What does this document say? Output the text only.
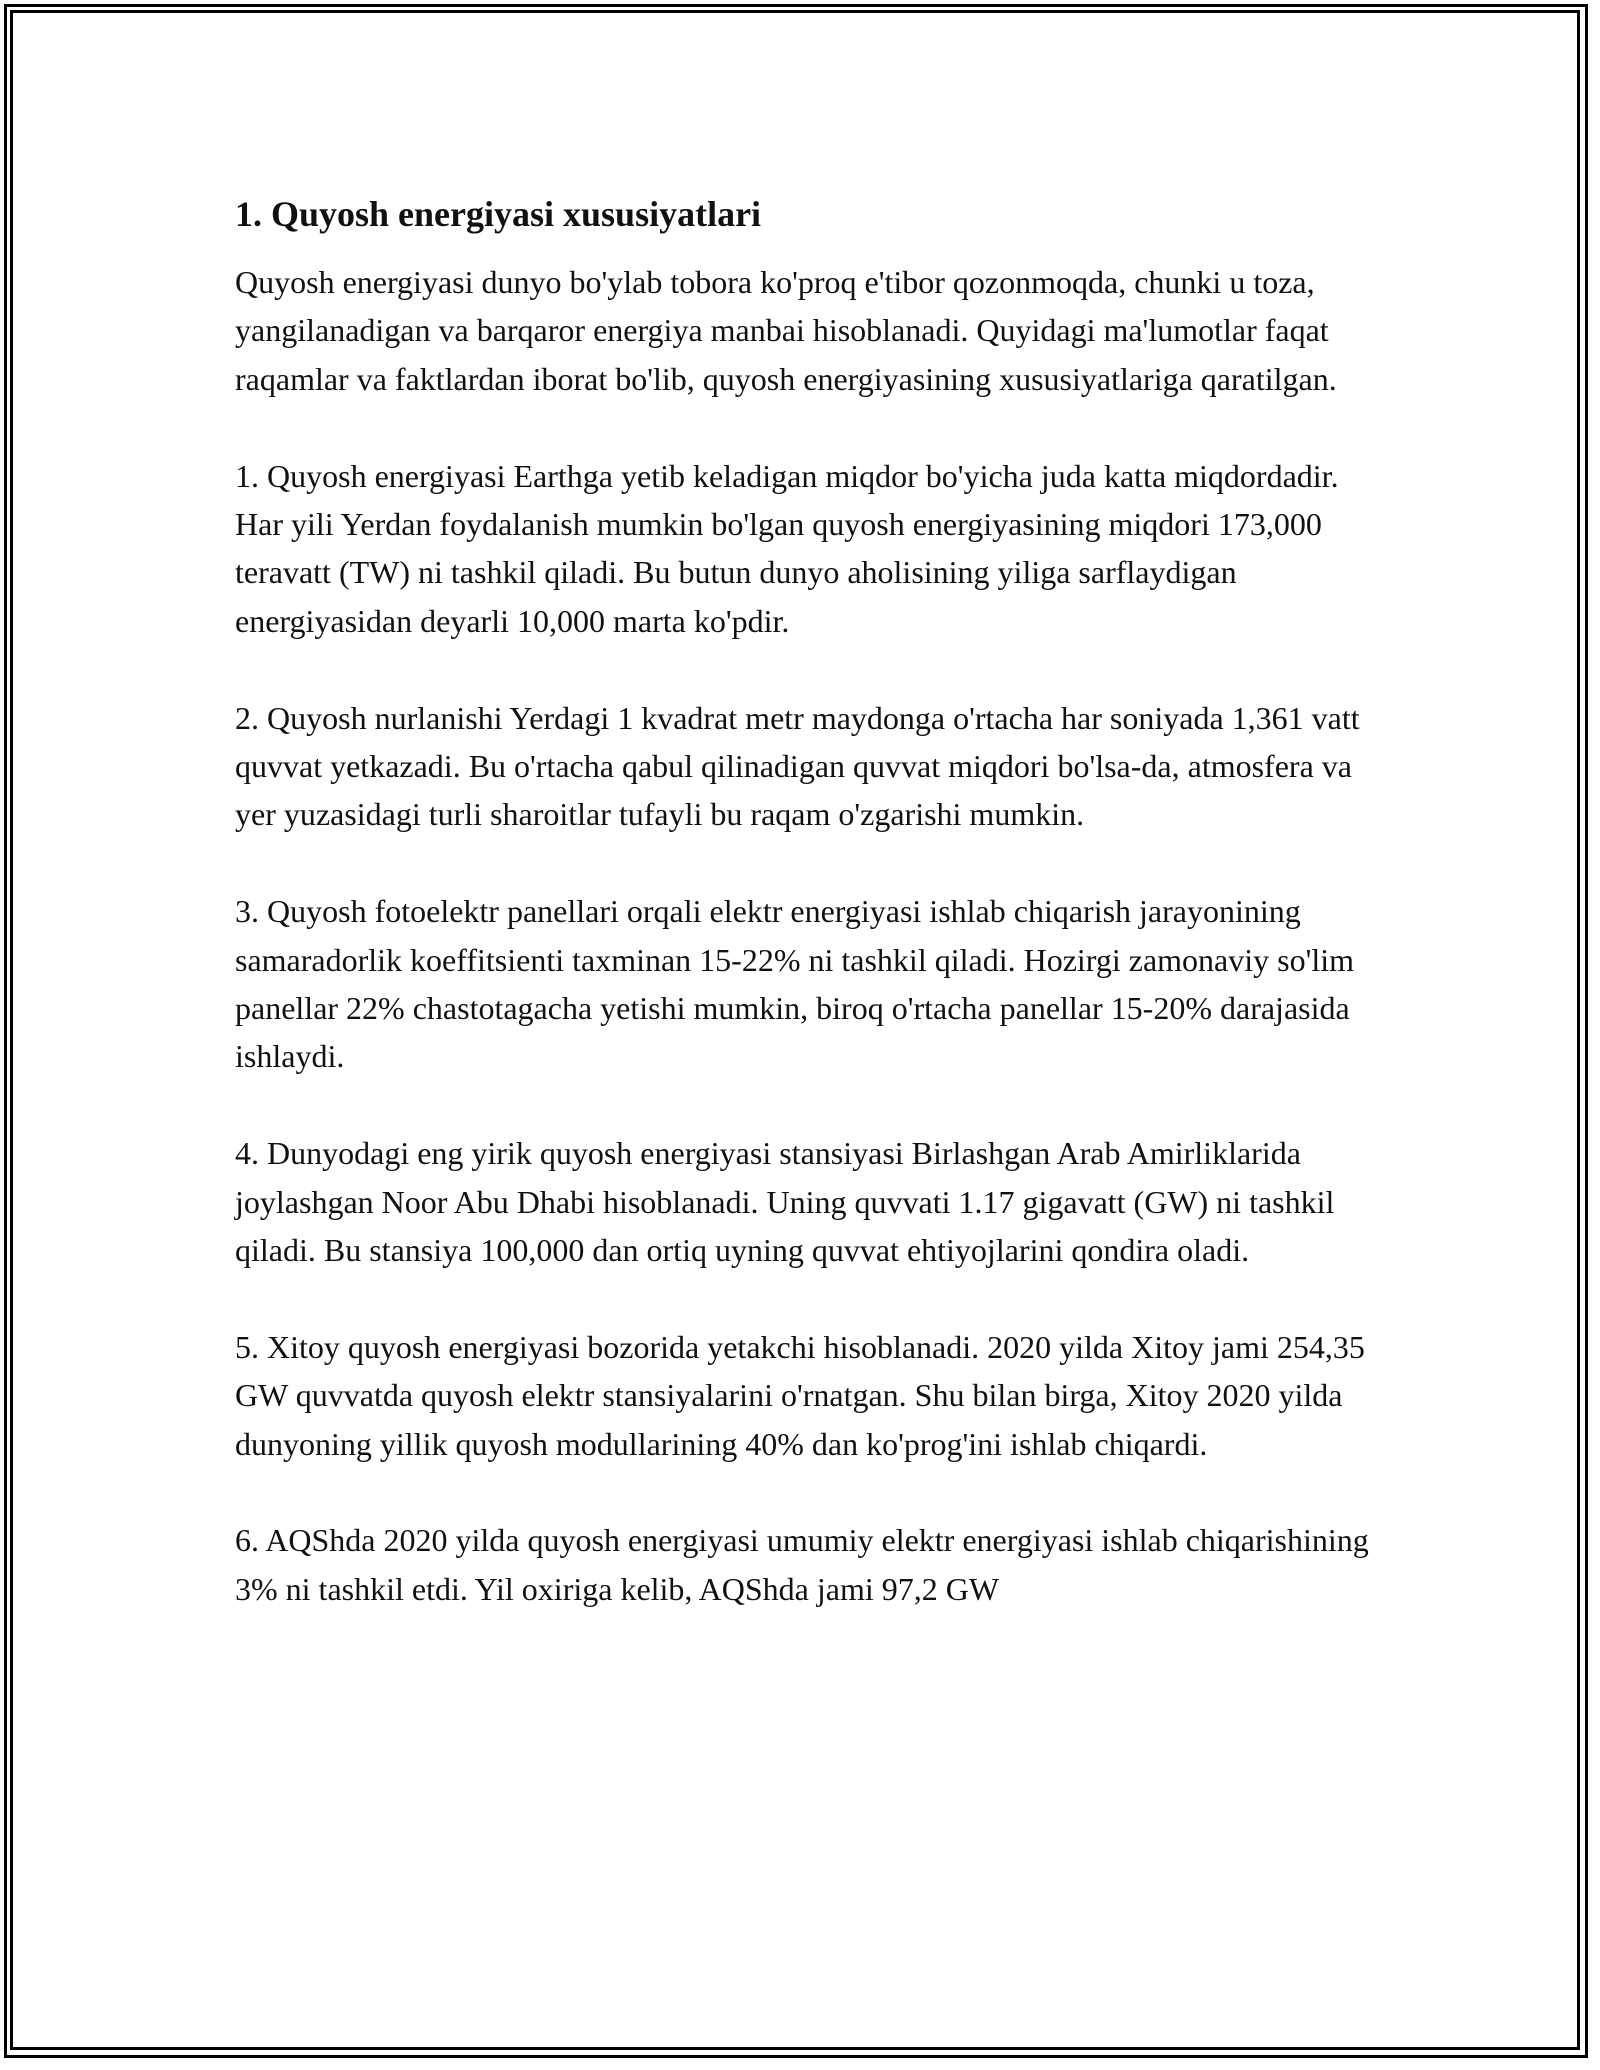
1. Quyosh energiyasi xususiyatlari

Quyosh energiyasi dunyo bo'ylab tobora ko'proq e'tibor qozonmoqda, chunki u toza, yangilanadigan va barqaror energiya manbai hisoblanadi. Quyidagi ma'lumotlar faqat raqamlar va faktlardan iborat bo'lib, quyosh energiyasining xususiyatlariga qaratilgan.

1. Quyosh energiyasi Earthga yetib keladigan miqdor bo'yicha juda katta miqdordadir. Har yili Yerdan foydalanish mumkin bo'lgan quyosh energiyasining miqdori 173,000 teravatt (TW) ni tashkil qiladi. Bu butun dunyo aholisining yiliga sarflaydigan energiyasidan deyarli 10,000 marta ko'pdir.

2. Quyosh nurlanishi Yerdagi 1 kvadrat metr maydonga o'rtacha har soniyada 1,361 vatt quvvat yetkazadi. Bu o'rtacha qabul qilinadigan quvvat miqdori bo'lsa-da, atmosfera va yer yuzasidagi turli sharoitlar tufayli bu raqam o'zgarishi mumkin.

3. Quyosh fotoelektr panellari orqali elektr energiyasi ishlab chiqarish jarayonining samaradorlik koeffitsienti taxminan 15-22% ni tashkil qiladi. Hozirgi zamonaviy so'lim panellar 22% chastotagacha yetishi mumkin, biroq o'rtacha panellar 15-20% darajasida ishlaydi.

4. Dunyodagi eng yirik quyosh energiyasi stansiyasi Birlashgan Arab Amirliklarida joylashgan Noor Abu Dhabi hisoblanadi. Uning quvvati 1.17 gigavatt (GW) ni tashkil qiladi. Bu stansiya 100,000 dan ortiq uyning quvvat ehtiyojlarini qondira oladi.

5. Xitoy quyosh energiyasi bozorida yetakchi hisoblanadi. 2020 yilda Xitoy jami 254,35 GW quvvatda quyosh elektr stansiyalarini o'rnatgan. Shu bilan birga, Xitoy 2020 yilda dunyoning yillik quyosh modullarining 40% dan ko'prog'ini ishlab chiqardi.

6. AQShda 2020 yilda quyosh energiyasi umumiy elektr energiyasi ishlab chiqarishining 3% ni tashkil etdi. Yil oxiriga kelib, AQShda jami 97,2 GW
